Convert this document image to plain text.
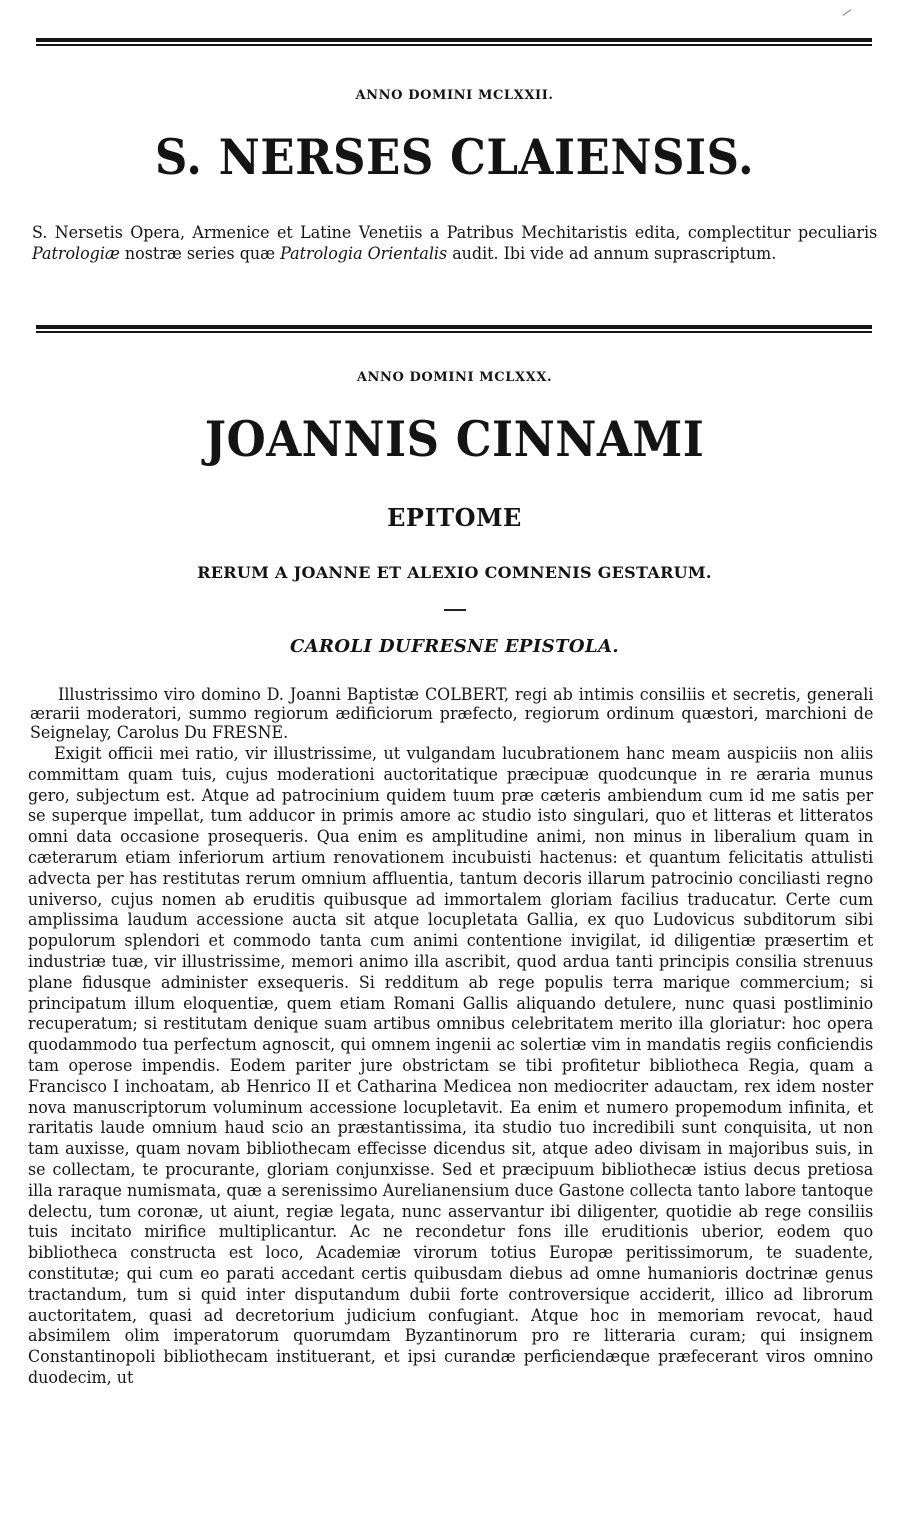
ANNO DOMINI MCLXXII.
S. NERSES CLAIENSIS.

S. Nersetis Opera, Armenice et Latine Venetiis a Patribus Mechitaristis edita, complectitur peculiaris Patrologiæ nostræ series quæ Patrologia Orientalis audit. Ibi vide ad annum suprascriptum.

ANNO DOMINI MCLXXX.
JOANNIS CINNAMI
EPITOME
RERUM A JOANNE ET ALEXIO COMNENIS GESTARUM.
CAROLI DUFRESNE EPISTOLA.

Illustrissimo viro domino D. Joanni Baptistæ COLBERT, regi ab intimis consiliis et secretis, generali ærarii moderatori, summo regiorum ædificiorum præfecto, regiorum ordinum quæstori, marchioni de Seignelay, Carolus Du FRESNE.

Exigit officii mei ratio, vir illustrissime, ut vulgandam lucubrationem hanc meam auspiciis non aliis committam quam tuis, cujus moderationi auctoritatique præcipuæ quodcunque in re æraria munus gero, subjectum est. Atque ad patrocinium quidem tuum præ cæteris ambiendum cum id me satis per se superque impellat, tum adducor in primis amore ac studio isto singulari, quo et litteras et litteratos omni data occasione prosequeris. Qua enim es amplitudine animi, non minus in liberalium quam in cæterarum etiam inferiorum artium renovationem incubuisti hactenus: et quantum felicitatis attulisti advecta per has restitutas rerum omnium affluentia, tantum decoris illarum patrocinio conciliasti regno universo, cujus nomen ab eruditis quibusque ad immortalem gloriam facilius traducatur. Certe cum amplissima laudum accessione aucta sit atque locupletata Gallia, ex quo Ludovicus subditorum sibi populorum splendori et commodo tanta cum animi contentione invigilat, id diligentiæ præsertim et industriæ tuæ, vir illustrissime, memori animo illa ascribit, quod ardua tanti principis consilia strenuus plane fidusque administer exsequeris. Si redditum ab rege populis terra marique commercium; si principatum illum eloquentiæ, quem etiam Romani Gallis aliquando detulere, nunc quasi postliminio recuperatum; si restitutam denique suam artibus omnibus celebritatem merito illa gloriatur: hoc opera quodammodo tua perfectum agnoscit, qui omnem ingenii ac solertiæ vim in mandatis regiis conficiendis tam operose impendis. Eodem pariter jure obstrictam se tibi profitetur bibliotheca Regia, quam a Francisco I inchoatam, ab Henrico II et Catharina Medicea non mediocriter adauctam, rex idem noster nova manuscriptorum voluminum accessione locupletavit. Ea enim et numero propemodum infinita, et raritatis laude omnium haud scio an præstantissima, ita studio tuo incredibili sunt conquisita, ut non tam auxisse, quam novam bibliothecam effecisse dicendus sit, atque adeo divisam in majoribus suis, in se collectam, te procurante, gloriam conjunxisse. Sed et præcipuum bibliothecæ istius decus pretiosa illa raraque numismata, quæ a serenissimo Aurelianensium duce Gastone collecta tanto labore tantoque delectu, tum coronæ, ut aiunt, regiæ legata, nunc asservantur ibi diligenter, quotidie ab rege consiliis tuis incitato mirifice multiplicantur. Ac ne recondetur fons ille eruditionis uberior, eodem quo bibliotheca constructa est loco, Academiæ virorum totius Europæ peritissimorum, te suadente, constitutæ; qui cum eo parati accedant certis quibusdam diebus ad omne humanioris doctrinæ genus tractandum, tum si quid inter disputandum dubii forte controversique acciderit, illico ad librorum auctoritatem, quasi ad decretorium judicium confugiant. Atque hoc in memoriam revocat, haud absimilem olim imperatorum quorumdam Byzantinorum pro re litteraria curam; qui insignem Constantinopoli bibliothecam instituerant, et ipsi curandæ perficiendæque præfecerant viros omnino duodecim, ut
